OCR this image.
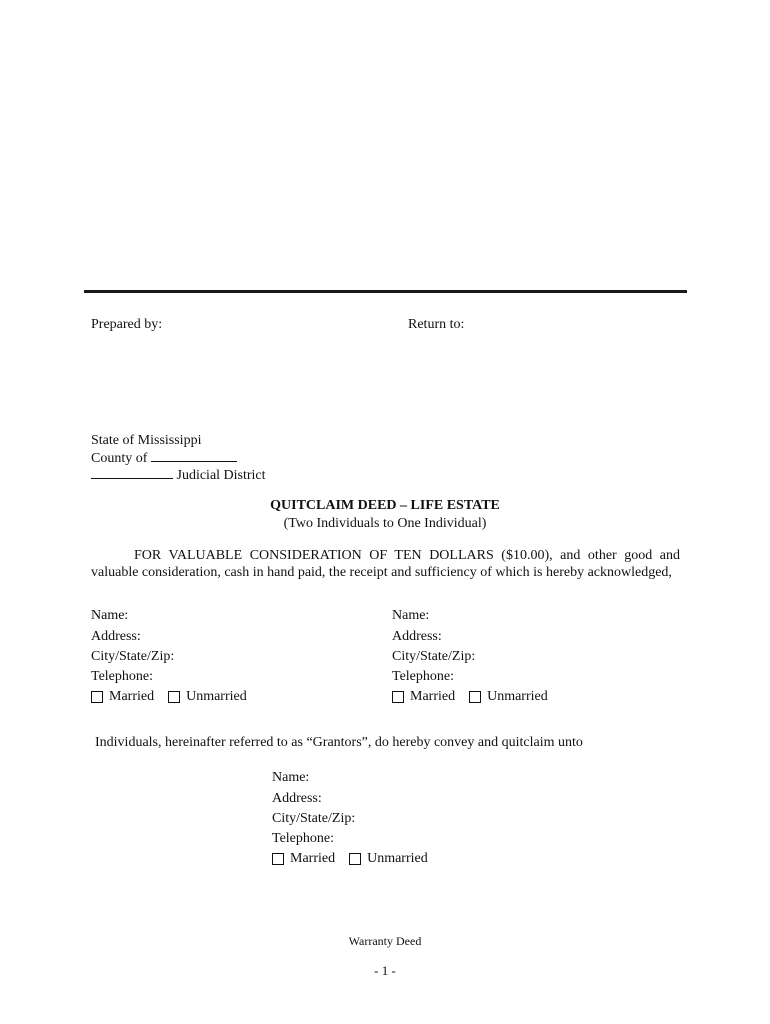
Prepared by:	Return to:
State of Mississippi
County of
Judicial District
QUITCLAIM DEED – LIFE ESTATE
(Two Individuals to One Individual)
FOR VALUABLE CONSIDERATION OF TEN DOLLARS ($10.00), and other good and
valuable consideration, cash in hand paid, the receipt and sufficiency of which is hereby acknowledged,
Name:
Address:
City/State/Zip:
Telephone:
Married Unmarried
Name:
Address:
City/State/Zip:
Telephone:
Married Unmarried
Individuals, hereinafter referred to as “Grantors”, do hereby convey and quitclaim unto
Name:
Address:
City/State/Zip:
Telephone:
Married Unmarried
Warranty Deed
- 1 -
